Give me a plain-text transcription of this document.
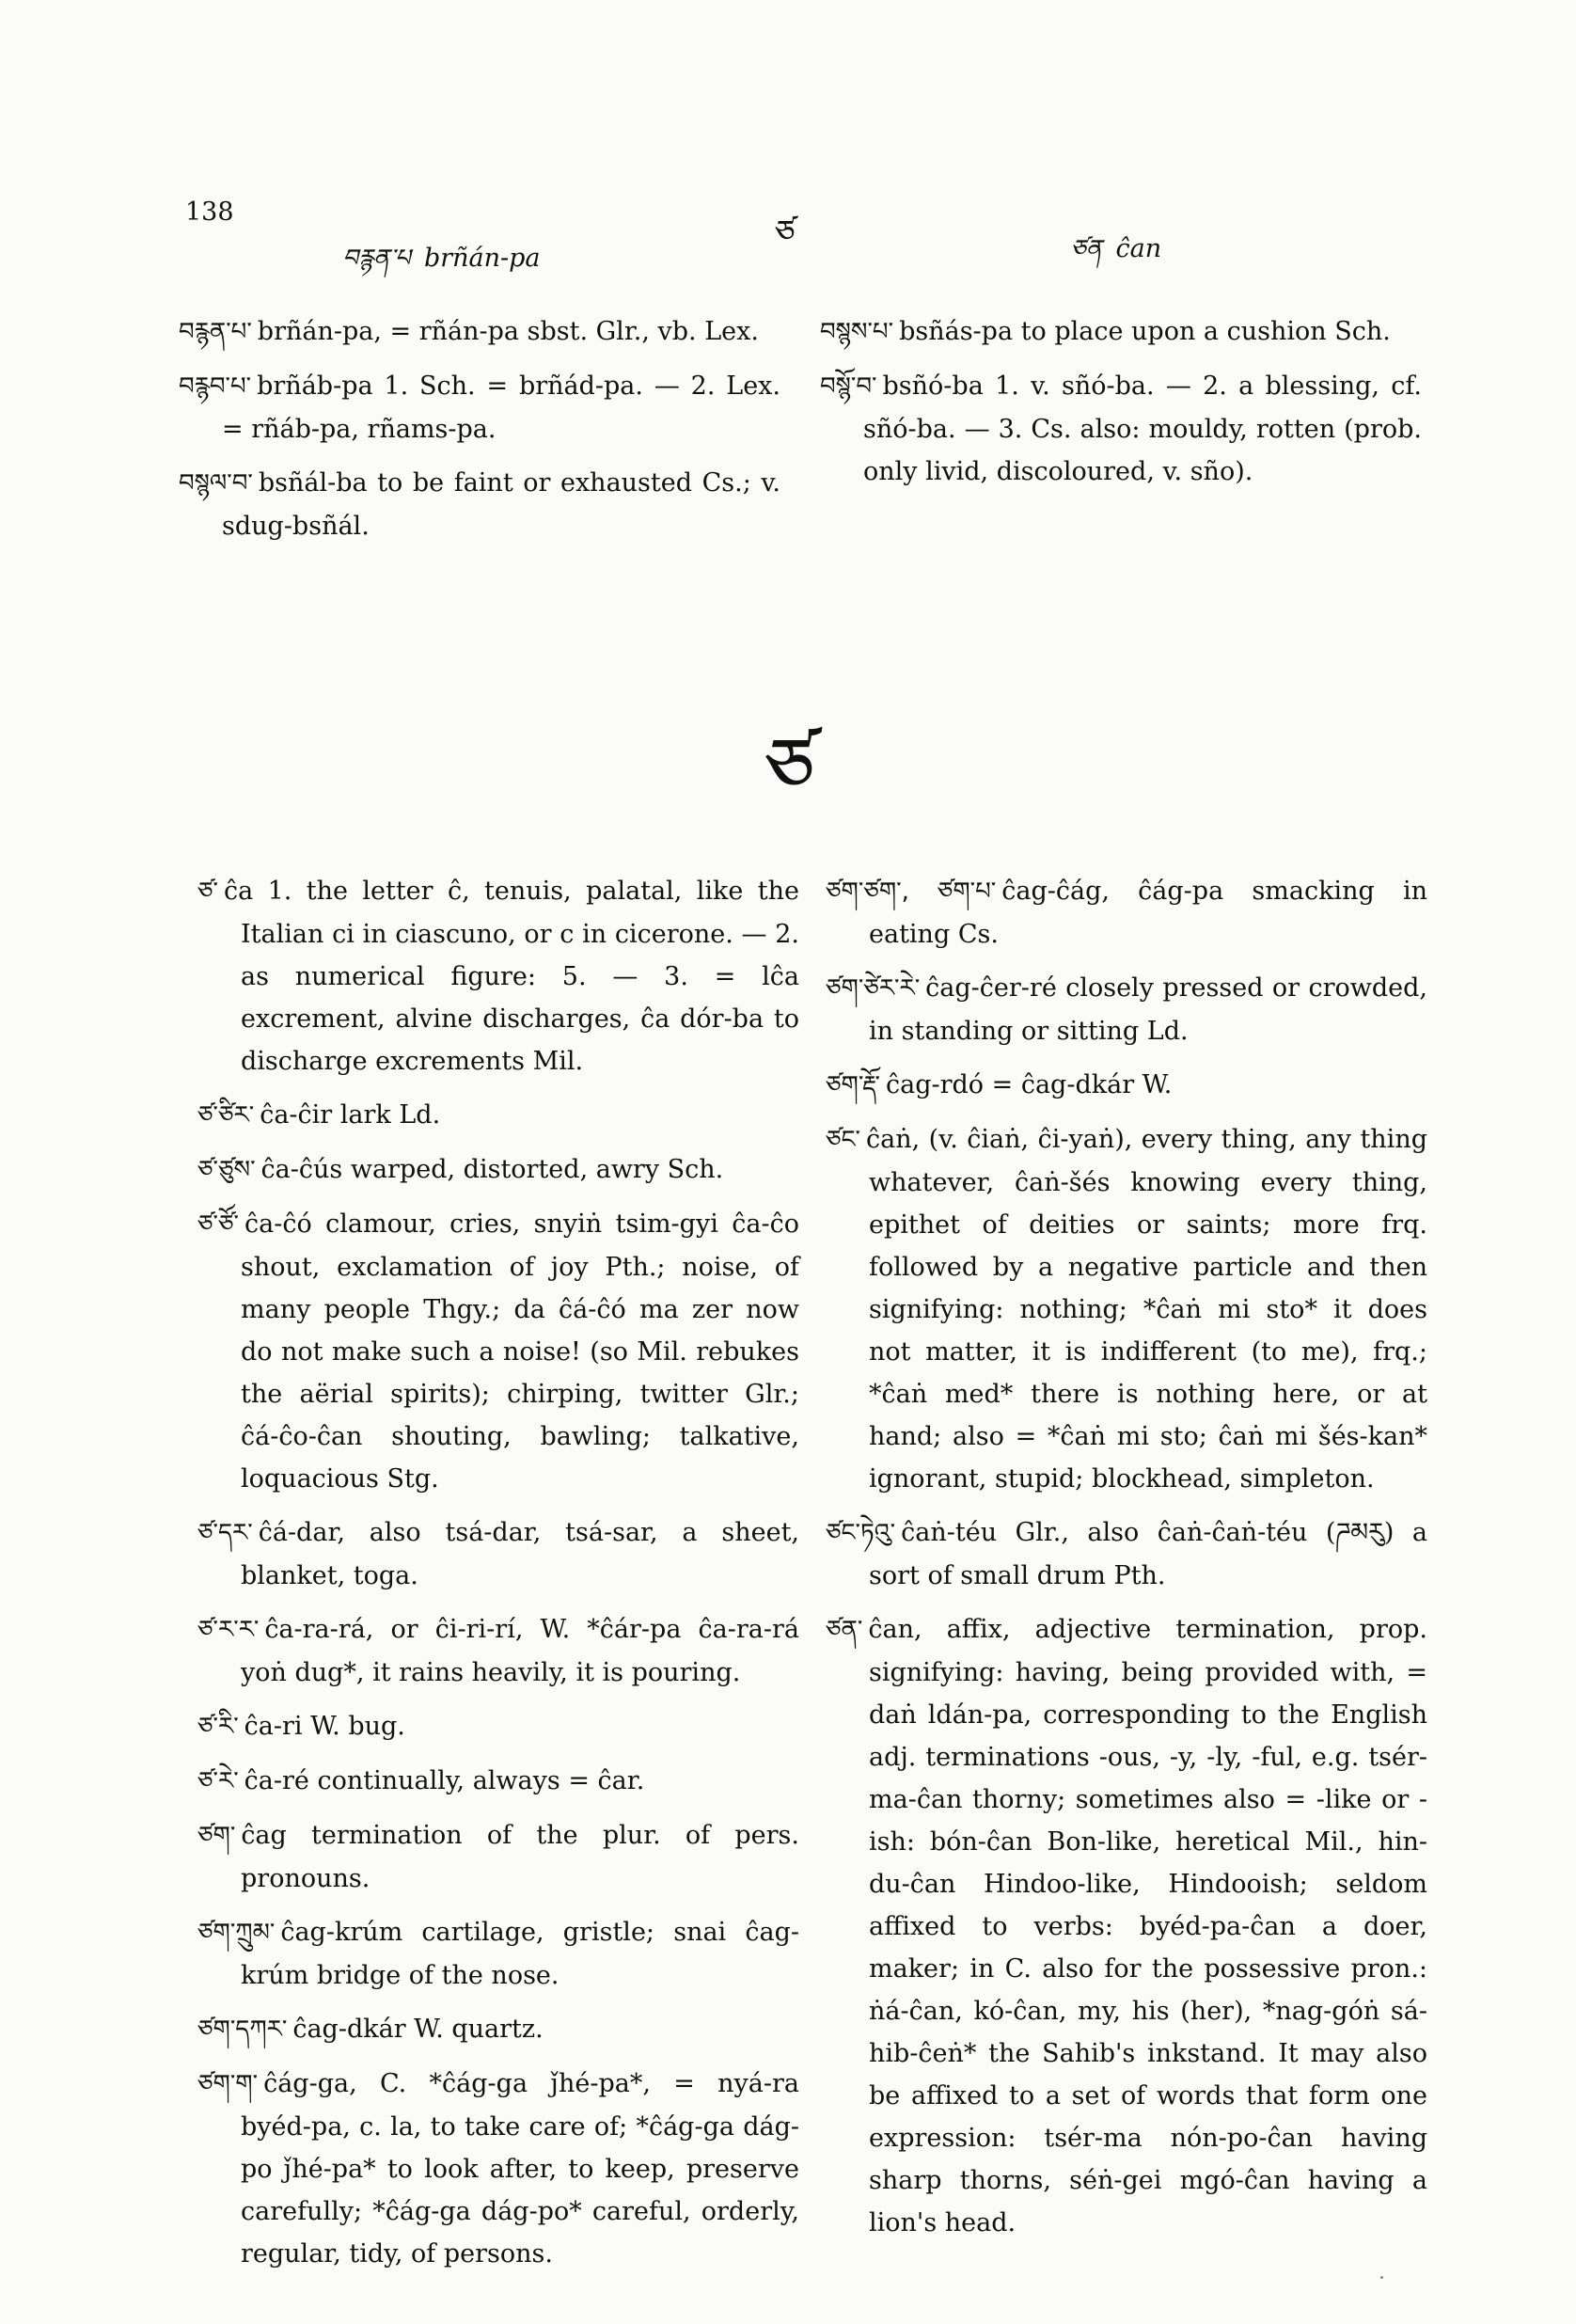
138
ཙ
བརྙན་པ brñán-pa	ཙན ĉan

བརྙན་པ་ brñán-pa, = rñán-pa sbst. Glr., vb. Lex.

བརྙབ་པ་ brñáb-pa 1. Sch. = brñád-pa. — 2. Lex. = rñáb-pa, rñams-pa.

བསྙལ་བ་ bsñál-ba to be faint or exhausted Cs.; v. sdug-bsñál.

བསྙས་པ་ bsñás-pa to place upon a cushion Sch.

བསྙོ་བ་ bsñó-ba 1. v. sñó-ba. — 2. a blessing, cf. sñó-ba. — 3. Cs. also: mouldy, rotten (prob. only livid, discoloured, v. sño).

ཙ

ཙ་ ĉa 1. the letter ĉ, tenuis, palatal, like the Italian ci in ciascuno, or c in cicerone. — 2. as numerical figure: 5. — 3. = lĉa excrement, alvine discharges, ĉa dór-ba to discharge excrements Mil.

ཙ་ཙིར་ ĉa-ĉir lark Ld.

ཙ་ཙུས་ ĉa-ĉús warped, distorted, awry Sch.

ཙ་ཙོ་ ĉa-ĉó clamour, cries, snyiṅ tsim-gyi ĉa-ĉo shout, exclamation of joy Pth.; noise, of many people Thgy.; da ĉá-ĉó ma zer now do not make such a noise! (so Mil. rebukes the aërial spirits); chirping, twitter Glr.; ĉá-ĉo-ĉan shouting, bawling; talkative, loquacious Stg.

ཙ་དར་ ĉá-dar, also tsá-dar, tsá-sar, a sheet, blanket, toga.

ཙ་ར་ར་ ĉa-ra-rá, or ĉi-ri-rí, W. *ĉár-pa ĉa-ra-rá yoṅ dug*, it rains heavily, it is pouring.

ཙ་རི་ ĉa-ri W. bug.

ཙ་རེ་ ĉa-ré continually, always = ĉar.

ཙག་ ĉag termination of the plur. of pers. pronouns.

ཙག་ཀྲུམ་ ĉag-krúm cartilage, gristle; snai ĉag-krúm bridge of the nose.

ཙག་དཀར་ ĉag-dkár W. quartz.

ཙག་ག་ ĉág-ga, C. *ĉág-ga ǰhé-pa*, = nyá-ra byéd-pa, c. la, to take care of; *ĉág-ga dág-po ǰhé-pa* to look after, to keep, preserve carefully; *ĉág-ga dág-po* careful, orderly, regular, tidy, of persons.

ཙག་ཙག་, ཙག་པ་ ĉag-ĉág, ĉág-pa smacking in eating Cs.

ཙག་ཙེར་རེ་ ĉag-ĉer-ré closely pressed or crowded, in standing or sitting Ld.

ཙག་རྡོ་ ĉag-rdó = ĉag-dkár W.

ཙང་ ĉaṅ, (v. ĉiaṅ, ĉi-yaṅ), every thing, any thing whatever, ĉaṅ-šés knowing every thing, epithet of deities or saints; more frq. followed by a negative particle and then signifying: nothing; *ĉaṅ mi sto* it does not matter, it is indifferent (to me), frq.; *ĉaṅ med* there is nothing here, or at hand; also = *ĉaṅ mi sto; ĉaṅ mi šés-kan* ignorant, stupid; blockhead, simpleton.

ཙང་ཏེའུ་ ĉaṅ-téu Glr., also ĉaṅ-ĉaṅ-téu (ཌམརུ) a sort of small drum Pth.

ཙན་ ĉan, affix, adjective termination, prop. signifying: having, being provided with, = daṅ ldán-pa, corresponding to the English adj. terminations -ous, -y, -ly, -ful, e.g. tsér-ma-ĉan thorny; sometimes also = -like or -ish: bón-ĉan Bon-like, heretical Mil., hin-du-ĉan Hindoo-like, Hindooish; seldom affixed to verbs: byéd-pa-ĉan a doer, maker; in C. also for the possessive pron.: ṅá-ĉan, kó-ĉan, my, his (her), *nag-góṅ sá-hib-ĉeṅ* the Sahib's inkstand. It may also be affixed to a set of words that form one expression: tsér-ma nón-po-ĉan having sharp thorns, séṅ-gei mgó-ĉan having a lion's head.
